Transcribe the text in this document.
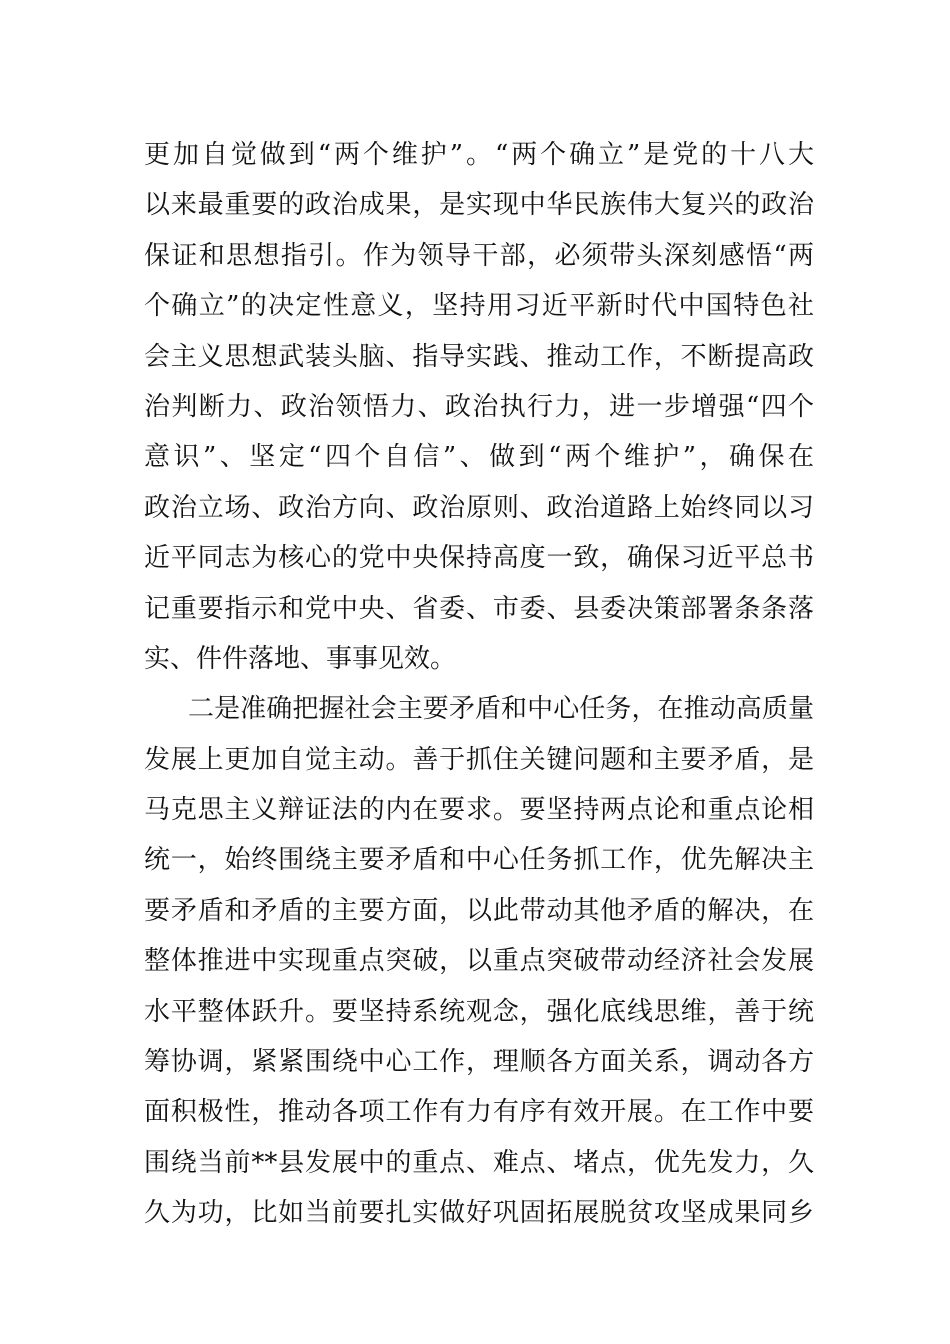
更加自觉做到“两个维护”。“两个确立”是党的十八大
以来最重要的政治成果，是实现中华民族伟大复兴的政治
保证和思想指引。作为领导干部，必须带头深刻感悟“两
个确立”的决定性意义，坚持用习近平新时代中国特色社
会主义思想武装头脑、指导实践、推动工作，不断提高政
治判断力、政治领悟力、政治执行力，进一步增强“四个
意识”、坚定“四个自信”、做到“两个维护”，确保在
政治立场、政治方向、政治原则、政治道路上始终同以习
近平同志为核心的党中央保持高度一致，确保习近平总书
记重要指示和党中央、省委、市委、县委决策部署条条落
实、件件落地、事事见效。
二是准确把握社会主要矛盾和中心任务，在推动高质量
发展上更加自觉主动。善于抓住关键问题和主要矛盾，是
马克思主义辩证法的内在要求。要坚持两点论和重点论相
统一，始终围绕主要矛盾和中心任务抓工作，优先解决主
要矛盾和矛盾的主要方面，以此带动其他矛盾的解决，在
整体推进中实现重点突破，以重点突破带动经济社会发展
水平整体跃升。要坚持系统观念，强化底线思维，善于统
筹协调，紧紧围绕中心工作，理顺各方面关系，调动各方
面积极性，推动各项工作有力有序有效开展。在工作中要
围绕当前**县发展中的重点、难点、堵点，优先发力，久
久为功，比如当前要扎实做好巩固拓展脱贫攻坚成果同乡
